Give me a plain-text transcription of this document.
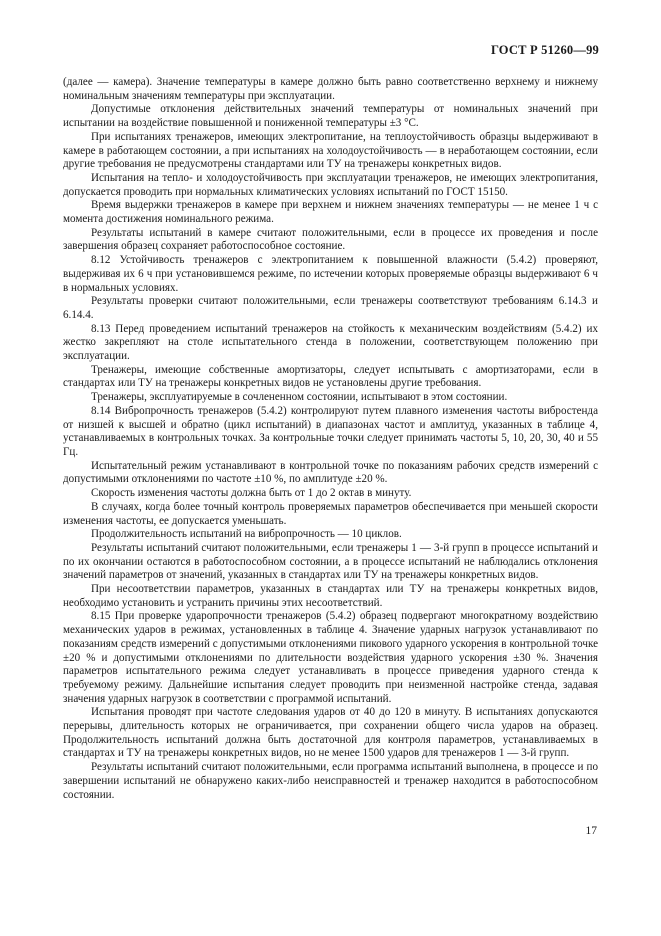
ГОСТ Р 51260—99

(далее — камера). Значение температуры в камере должно быть равно соответственно верхнему и нижнему номинальным значениям температуры при эксплуатации.

Допустимые отклонения действительных значений температуры от номинальных значений при испытании на воздействие повышенной и пониженной температуры ±3 °С.

При испытаниях тренажеров, имеющих электропитание, на теплоустойчивость образцы выдерживают в камере в работающем состоянии, а при испытаниях на холодоустойчивость — в неработающем состоянии, если другие требования не предусмотрены стандартами или ТУ на тренажеры конкретных видов.

Испытания на тепло- и холодоустойчивость при эксплуатации тренажеров, не имеющих электропитания, допускается проводить при нормальных климатических условиях испытаний по ГОСТ 15150.

Время выдержки тренажеров в камере при верхнем и нижнем значениях температуры — не менее 1 ч с момента достижения номинального режима.

Результаты испытаний в камере считают положительными, если в процессе их проведения и после завершения образец сохраняет работоспособное состояние.

8.12 Устойчивость тренажеров с электропитанием к повышенной влажности (5.4.2) проверяют, выдерживая их 6 ч при установившемся режиме, по истечении которых проверяемые образцы выдерживают 6 ч в нормальных условиях.

Результаты проверки считают положительными, если тренажеры соответствуют требованиям 6.14.3 и 6.14.4.

8.13 Перед проведением испытаний тренажеров на стойкость к механическим воздействиям (5.4.2) их жестко закрепляют на столе испытательного стенда в положении, соответствующем положению при эксплуатации.

Тренажеры, имеющие собственные амортизаторы, следует испытывать с амортизаторами, если в стандартах или ТУ на тренажеры конкретных видов не установлены другие требования.

Тренажеры, эксплуатируемые в сочлененном состоянии, испытывают в этом состоянии.

8.14 Вибропрочность тренажеров (5.4.2) контролируют путем плавного изменения частоты вибростенда от низшей к высшей и обратно (цикл испытаний) в диапазонах частот и амплитуд, указанных в таблице 4, устанавливаемых в контрольных точках. За контрольные точки следует принимать частоты 5, 10, 20, 30, 40 и 55 Гц.

Испытательный режим устанавливают в контрольной точке по показаниям рабочих средств измерений с допустимыми отклонениями по частоте ±10 %, по амплитуде ±20 %.

Скорость изменения частоты должна быть от 1 до 2 октав в минуту.

В случаях, когда более точный контроль проверяемых параметров обеспечивается при меньшей скорости изменения частоты, ее допускается уменьшать.

Продолжительность испытаний на вибропрочность — 10 циклов.

Результаты испытаний считают положительными, если тренажеры 1 — 3-й групп в процессе испытаний и по их окончании остаются в работоспособном состоянии, а в процессе испытаний не наблюдались отклонения значений параметров от значений, указанных в стандартах или ТУ на тренажеры конкретных видов.

При несоответствии параметров, указанных в стандартах или ТУ на тренажеры конкретных видов, необходимо установить и устранить причины этих несоответствий.

8.15 При проверке ударопрочности тренажеров (5.4.2) образец подвергают многократному воздействию механических ударов в режимах, установленных в таблице 4. Значение ударных нагрузок устанавливают по показаниям средств измерений с допустимыми отклонениями пикового ударного ускорения в контрольной точке ±20 % и допустимыми отклонениями по длительности воздействия ударного ускорения ±30 %. Значения параметров испытательного режима следует устанавливать в процессе приведения ударного стенда к требуемому режиму. Дальнейшие испытания следует проводить при неизменной настройке стенда, задавая значения ударных нагрузок в соответствии с программой испытаний.

Испытания проводят при частоте следования ударов от 40 до 120 в минуту. В испытаниях допускаются перерывы, длительность которых не ограничивается, при сохранении общего числа ударов на образец. Продолжительность испытаний должна быть достаточной для контроля параметров, устанавливаемых в стандартах и ТУ на тренажеры конкретных видов, но не менее 1500 ударов для тренажеров 1 — 3-й групп.

Результаты испытаний считают положительными, если программа испытаний выполнена, в процессе и по завершении испытаний не обнаружено каких-либо неисправностей и тренажер находится в работоспособном состоянии.

17
